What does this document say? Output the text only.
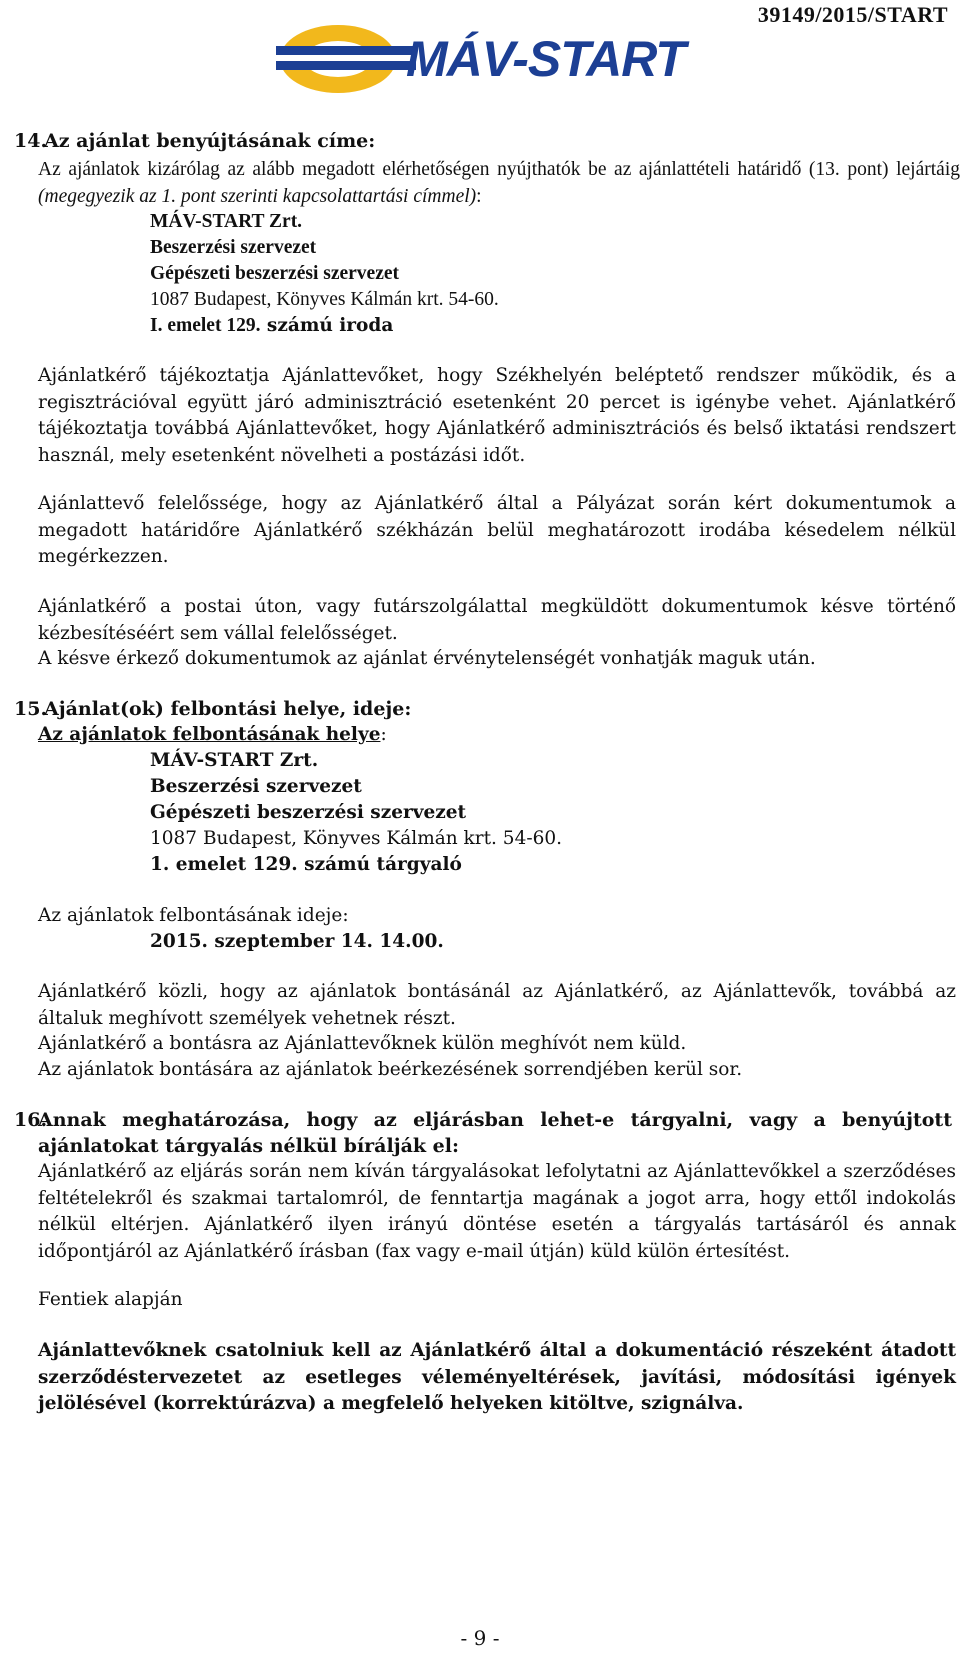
39149/2015/START
MÁV-START
14.
Az ajánlat benyújtásának címe:
Az ajánlatok kizárólag az alább megadott elérhetőségen nyújthatók be az ajánlattételi határidő (13. pont) lejártáig (megegyezik az 1. pont szerinti kapcsolattartási címmel):
MÁV-START Zrt.
Beszerzési szervezet
Gépészeti beszerzési szervezet
1087 Budapest, Könyves Kálmán krt. 54-60.
I. emelet 129. számú iroda
Ajánlatkérő tájékoztatja Ajánlattevőket, hogy Székhelyén beléptető rendszer működik, és a regisztrációval együtt járó adminisztráció esetenként 20 percet is igénybe vehet. Ajánlatkérő tájékoztatja továbbá Ajánlattevőket, hogy Ajánlatkérő adminisztrációs és belső iktatási rendszert használ, mely esetenként növelheti a postázási időt.
Ajánlattevő felelőssége, hogy az Ajánlatkérő által a Pályázat során kért dokumentumok a megadott határidőre Ajánlatkérő székházán belül meghatározott irodába késedelem nélkül megérkezzen.
Ajánlatkérő a postai úton, vagy futárszolgálattal megküldött dokumentumok késve történő kézbesítéséért sem vállal felelősséget.
A késve érkező dokumentumok az ajánlat érvénytelenségét vonhatják maguk után.
15.
Ajánlat(ok) felbontási helye, ideje:
Az ajánlatok felbontásának helye:
MÁV-START Zrt.
Beszerzési szervezet
Gépészeti beszerzési szervezet
1087 Budapest, Könyves Kálmán krt. 54-60.
1. emelet 129. számú tárgyaló
Az ajánlatok felbontásának ideje:
2015. szeptember 14. 14.00.
Ajánlatkérő közli, hogy az ajánlatok bontásánál az Ajánlatkérő, az Ajánlattevők, továbbá az általuk meghívott személyek vehetnek részt.
Ajánlatkérő a bontásra az Ajánlattevőknek külön meghívót nem küld.
Az ajánlatok bontására az ajánlatok beérkezésének sorrendjében kerül sor.
16.
Annak meghatározása, hogy az eljárásban lehet-e tárgyalni, vagy a benyújtott ajánlatokat tárgyalás nélkül bírálják el:
Ajánlatkérő az eljárás során nem kíván tárgyalásokat lefolytatni az Ajánlattevőkkel a szerződéses feltételekről és szakmai tartalomról, de fenntartja magának a jogot arra, hogy ettől indokolás nélkül eltérjen. Ajánlatkérő ilyen irányú döntése esetén a tárgyalás tartásáról és annak időpontjáról az Ajánlatkérő írásban (fax vagy e-mail útján) küld külön értesítést.
Fentiek alapján
Ajánlattevőknek csatolniuk kell az Ajánlatkérő által a dokumentáció részeként átadott szerződéstervezetet az esetleges véleményeltérések, javítási, módosítási igények jelölésével (korrektúrázva) a megfelelő helyeken kitöltve, szignálva.
- 9 -
